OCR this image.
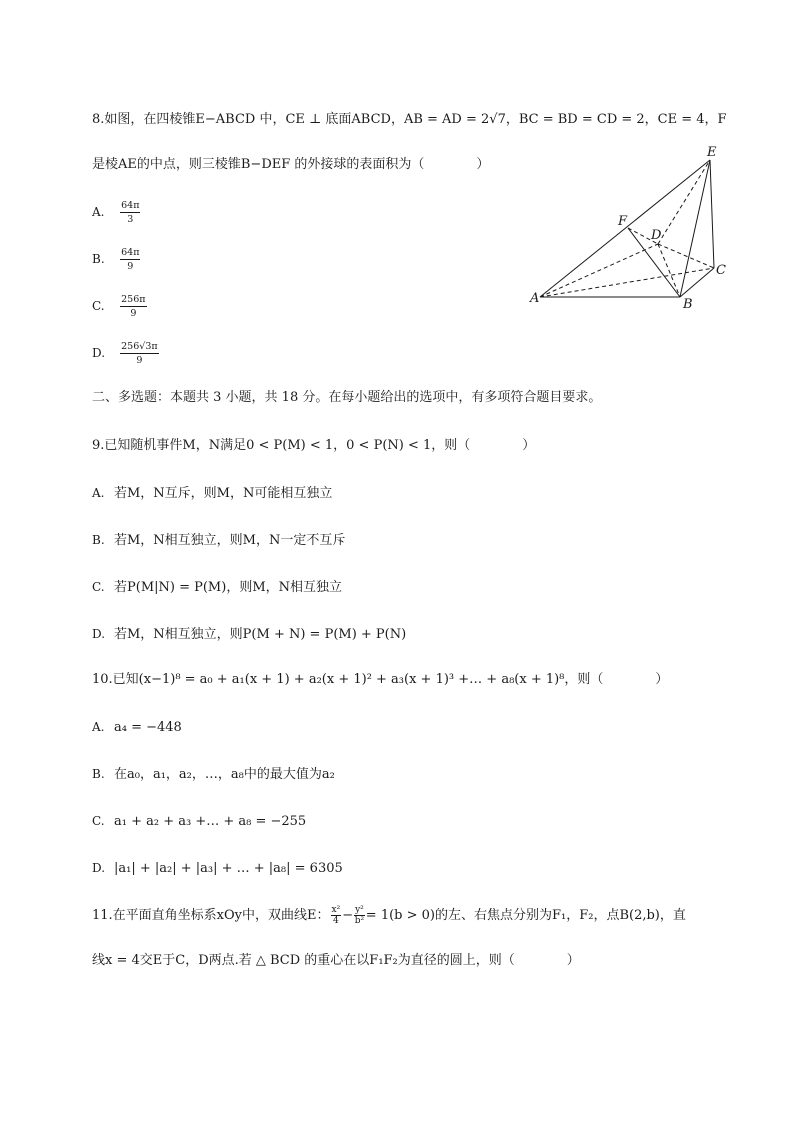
8.如图，在四棱锥E−ABCD 中，CE ⊥ 底面ABCD，AB = AD = 2√7，BC = BD = CD = 2，CE = 4，F
是棱AE的中点，则三棱锥B−DEF 的外接球的表面积为（　　　　）
A. $\frac{64\pi}{3}$
B. $\frac{64\pi}{9}$
C. $\frac{256\pi}{9}$
D. $\frac{256√3\pi}{9}$
E
F
D
C
A	B
二、多选题：本题共 3 小题，共 18 分。在每小题给出的选项中，有多项符合题目要求。
9.已知随机事件M，N满足0 < P(M) < 1，0 < P(N) < 1，则（　　　　）
A. 若M，N互斥，则M，N可能相互独立
B. 若M，N相互独立，则M，N一定不互斥
C. 若P(M|N) = P(M)，则M，N相互独立
D. 若M，N相互独立，则P(M + N) = P(M) + P(N)
10.已知(x−1)⁸ = a₀ + a₁(x + 1) + a₂(x + 1)² + a₃(x + 1)³ +… + a₈(x + 1)⁸，则（　　　　）
A. a₄ = −448
B. 在a₀，a₁，a₂，…，a₈中的最大值为a₂
C. a₁ + a₂ + a₃ +… + a₈ = −255
D. |a₁| + |a₂| + |a₃| + … + |a₈| = 6305
11.在平面直角坐标系xOy中，双曲线E： $\frac{\text{x²}}{4} - \frac{\text{y²}}{\text{b²}} = 1(b > 0)$的左、右焦点分别为F₁，F₂，点B(2,b)，直
线x = 4交E于C，D两点.若 △ BCD 的重心在以F₁F₂为直径的圆上，则（　　　　）
